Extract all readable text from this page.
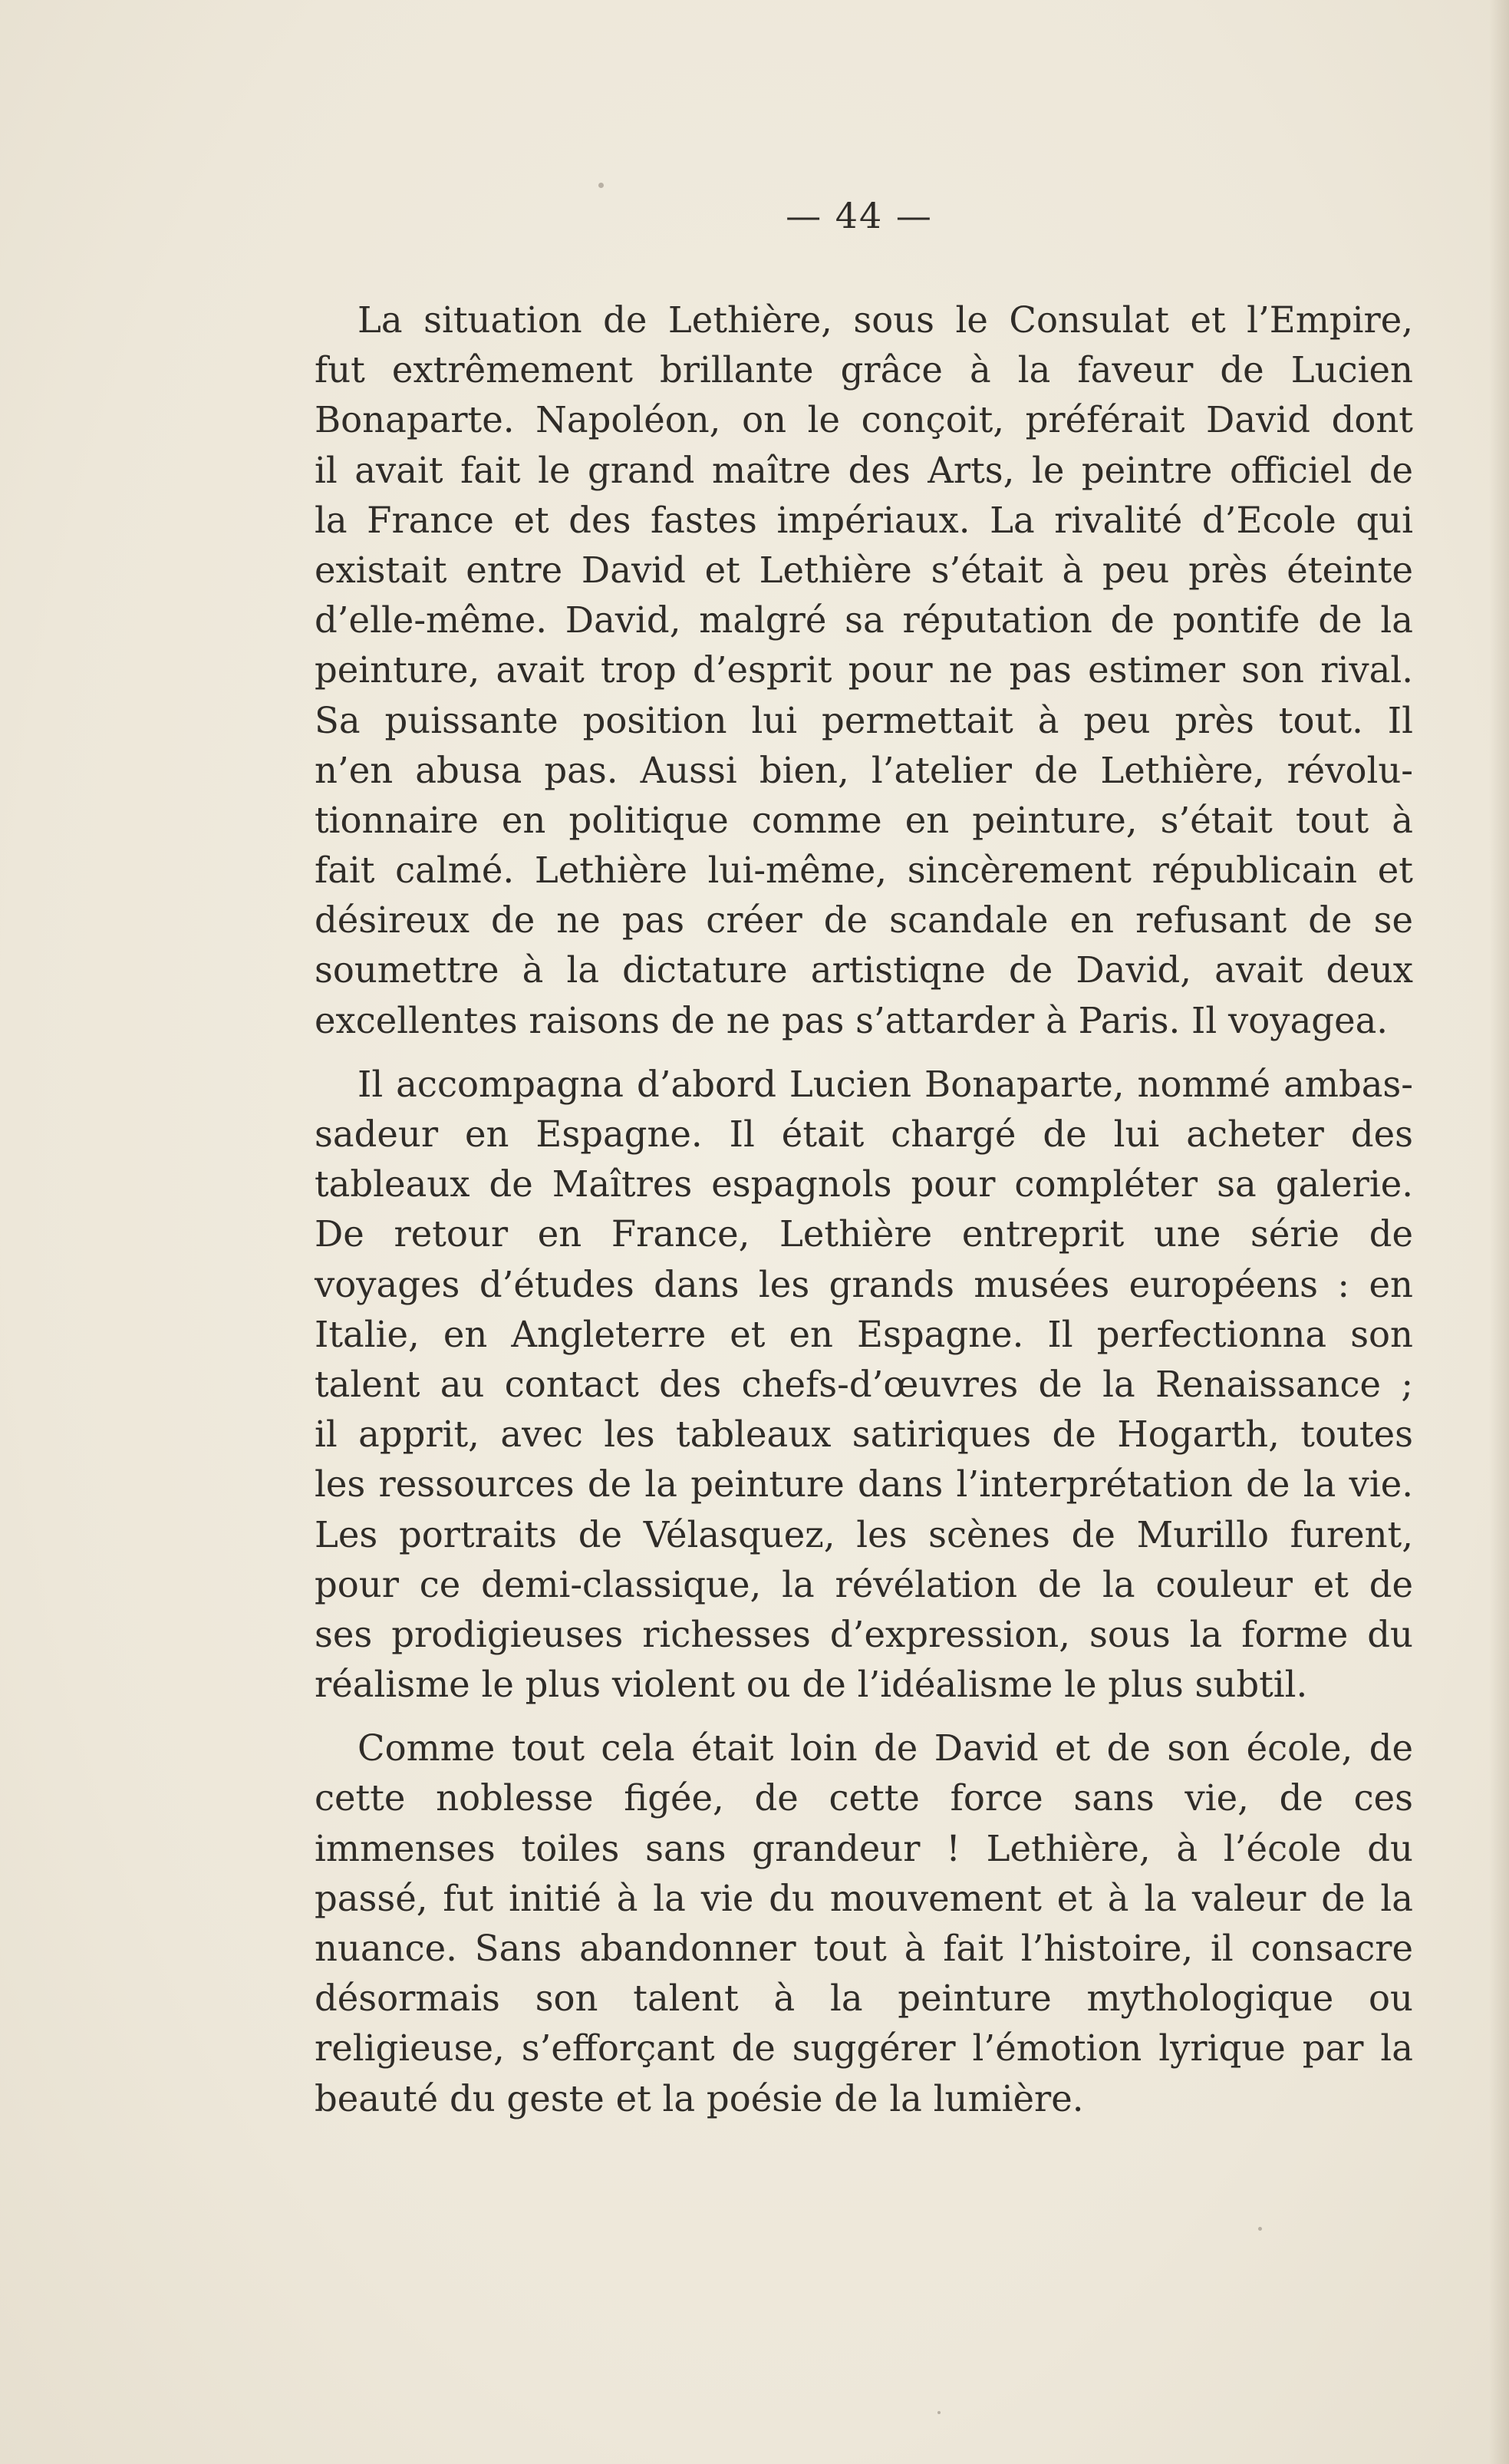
— 44 —
La situation de Lethière, sous le Consulat et l’Empire,
fut extrêmement brillante grâce à la faveur de Lucien
Bonaparte. Napoléon, on le conçoit, préférait David dont
il avait fait le grand maître des Arts, le peintre officiel de
la France et des fastes impériaux. La rivalité d’Ecole qui
existait entre David et Lethière s’était à peu près éteinte
d’elle-même. David, malgré sa réputation de pontife de la
peinture, avait trop d’esprit pour ne pas estimer son rival.
Sa puissante position lui permettait à peu près tout. Il
n’en abusa pas. Aussi bien, l’atelier de Lethière, révolu-
tionnaire en politique comme en peinture, s’était tout à
fait calmé. Lethière lui-même, sincèrement républicain et
désireux de ne pas créer de scandale en refusant de se
soumettre à la dictature artistiqne de David, avait deux
excellentes raisons de ne pas s’attarder à Paris. Il voyagea.
Il accompagna d’abord Lucien Bonaparte, nommé ambas-
sadeur en Espagne. Il était chargé de lui acheter des
tableaux de Maîtres espagnols pour compléter sa galerie.
De retour en France, Lethière entreprit une série de
voyages d’études dans les grands musées européens : en
Italie, en Angleterre et en Espagne. Il perfectionna son
talent au contact des chefs-d’œuvres de la Renaissance ;
il apprit, avec les tableaux satiriques de Hogarth, toutes
les ressources de la peinture dans l’interprétation de la vie.
Les portraits de Vélasquez, les scènes de Murillo furent,
pour ce demi-classique, la révélation de la couleur et de
ses prodigieuses richesses d’expression, sous la forme du
réalisme le plus violent ou de l’idéalisme le plus subtil.
Comme tout cela était loin de David et de son école, de
cette noblesse figée, de cette force sans vie, de ces
immenses toiles sans grandeur ! Lethière, à l’école du
passé, fut initié à la vie du mouvement et à la valeur de la
nuance. Sans abandonner tout à fait l’histoire, il consacre
désormais son talent à la peinture mythologique ou
religieuse, s’efforçant de suggérer l’émotion lyrique par la
beauté du geste et la poésie de la lumière.
